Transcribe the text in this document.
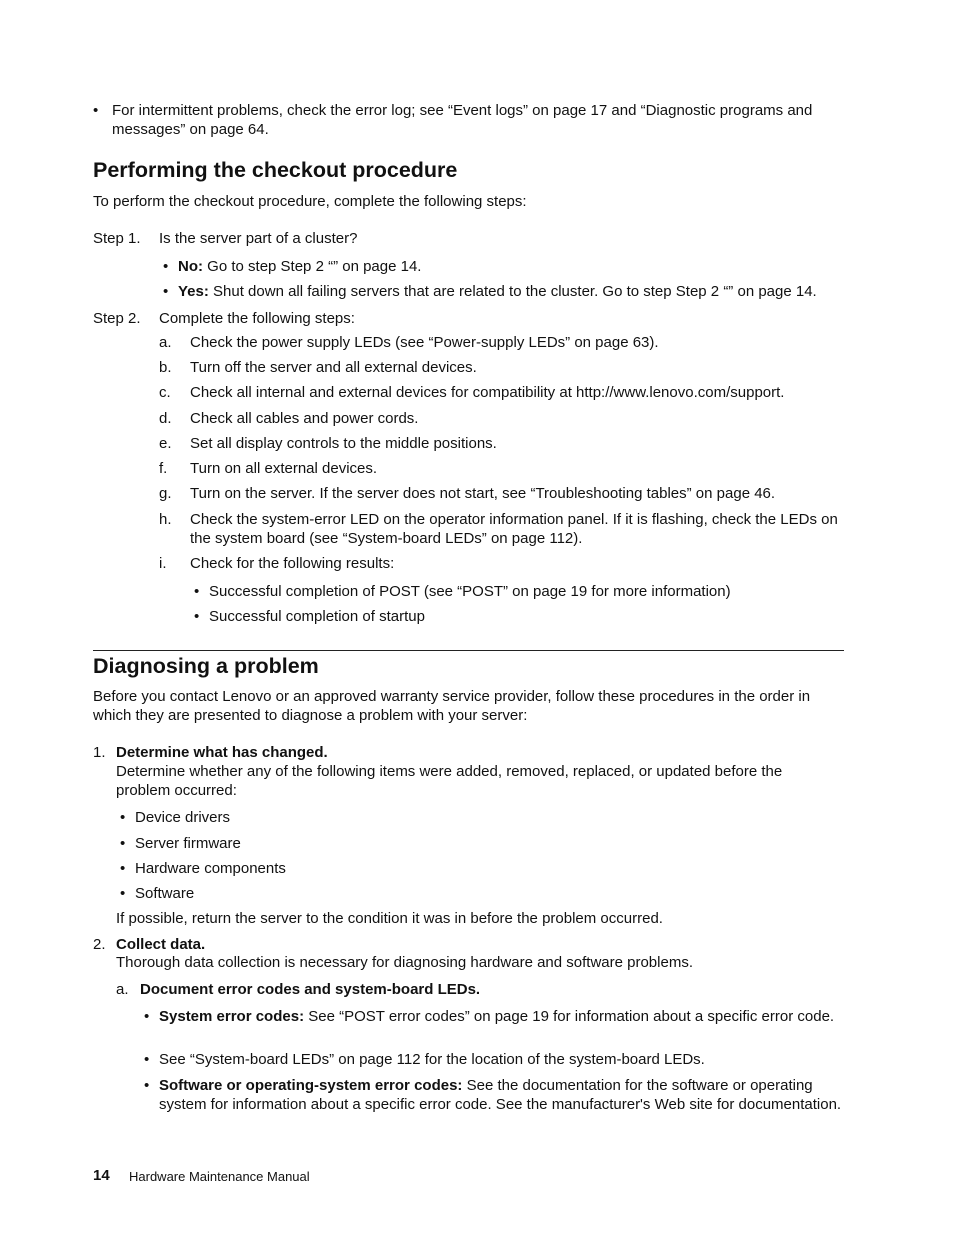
• For intermittent problems, check the error log; see “Event logs” on page 17 and “Diagnostic programs and messages” on page 64.
Performing the checkout procedure
To perform the checkout procedure, complete the following steps:
Step 1. Is the server part of a cluster?
• No: Go to step Step 2 “” on page 14.
• Yes: Shut down all failing servers that are related to the cluster. Go to step Step 2 “” on page 14.
Step 2. Complete the following steps:
a. Check the power supply LEDs (see “Power-supply LEDs” on page 63).
b. Turn off the server and all external devices.
c. Check all internal and external devices for compatibility at http://www.lenovo.com/support.
d. Check all cables and power cords.
e. Set all display controls to the middle positions.
f. Turn on all external devices.
g. Turn on the server. If the server does not start, see “Troubleshooting tables” on page 46.
h. Check the system-error LED on the operator information panel. If it is flashing, check the LEDs on the system board (see “System-board LEDs” on page 112).
i. Check for the following results:
• Successful completion of POST (see “POST” on page 19 for more information)
• Successful completion of startup
Diagnosing a problem
Before you contact Lenovo or an approved warranty service provider, follow these procedures in the order in which they are presented to diagnose a problem with your server:
1. Determine what has changed.
Determine whether any of the following items were added, removed, replaced, or updated before the problem occurred:
• Device drivers
• Server firmware
• Hardware components
• Software
If possible, return the server to the condition it was in before the problem occurred.
2. Collect data.
Thorough data collection is necessary for diagnosing hardware and software problems.
a. Document error codes and system-board LEDs.
• System error codes: See “POST error codes” on page 19 for information about a specific error code.
• See “System-board LEDs” on page 112 for the location of the system-board LEDs.
• Software or operating-system error codes: See the documentation for the software or operating system for information about a specific error code. See the manufacturer's Web site for documentation.
14 Hardware Maintenance Manual
